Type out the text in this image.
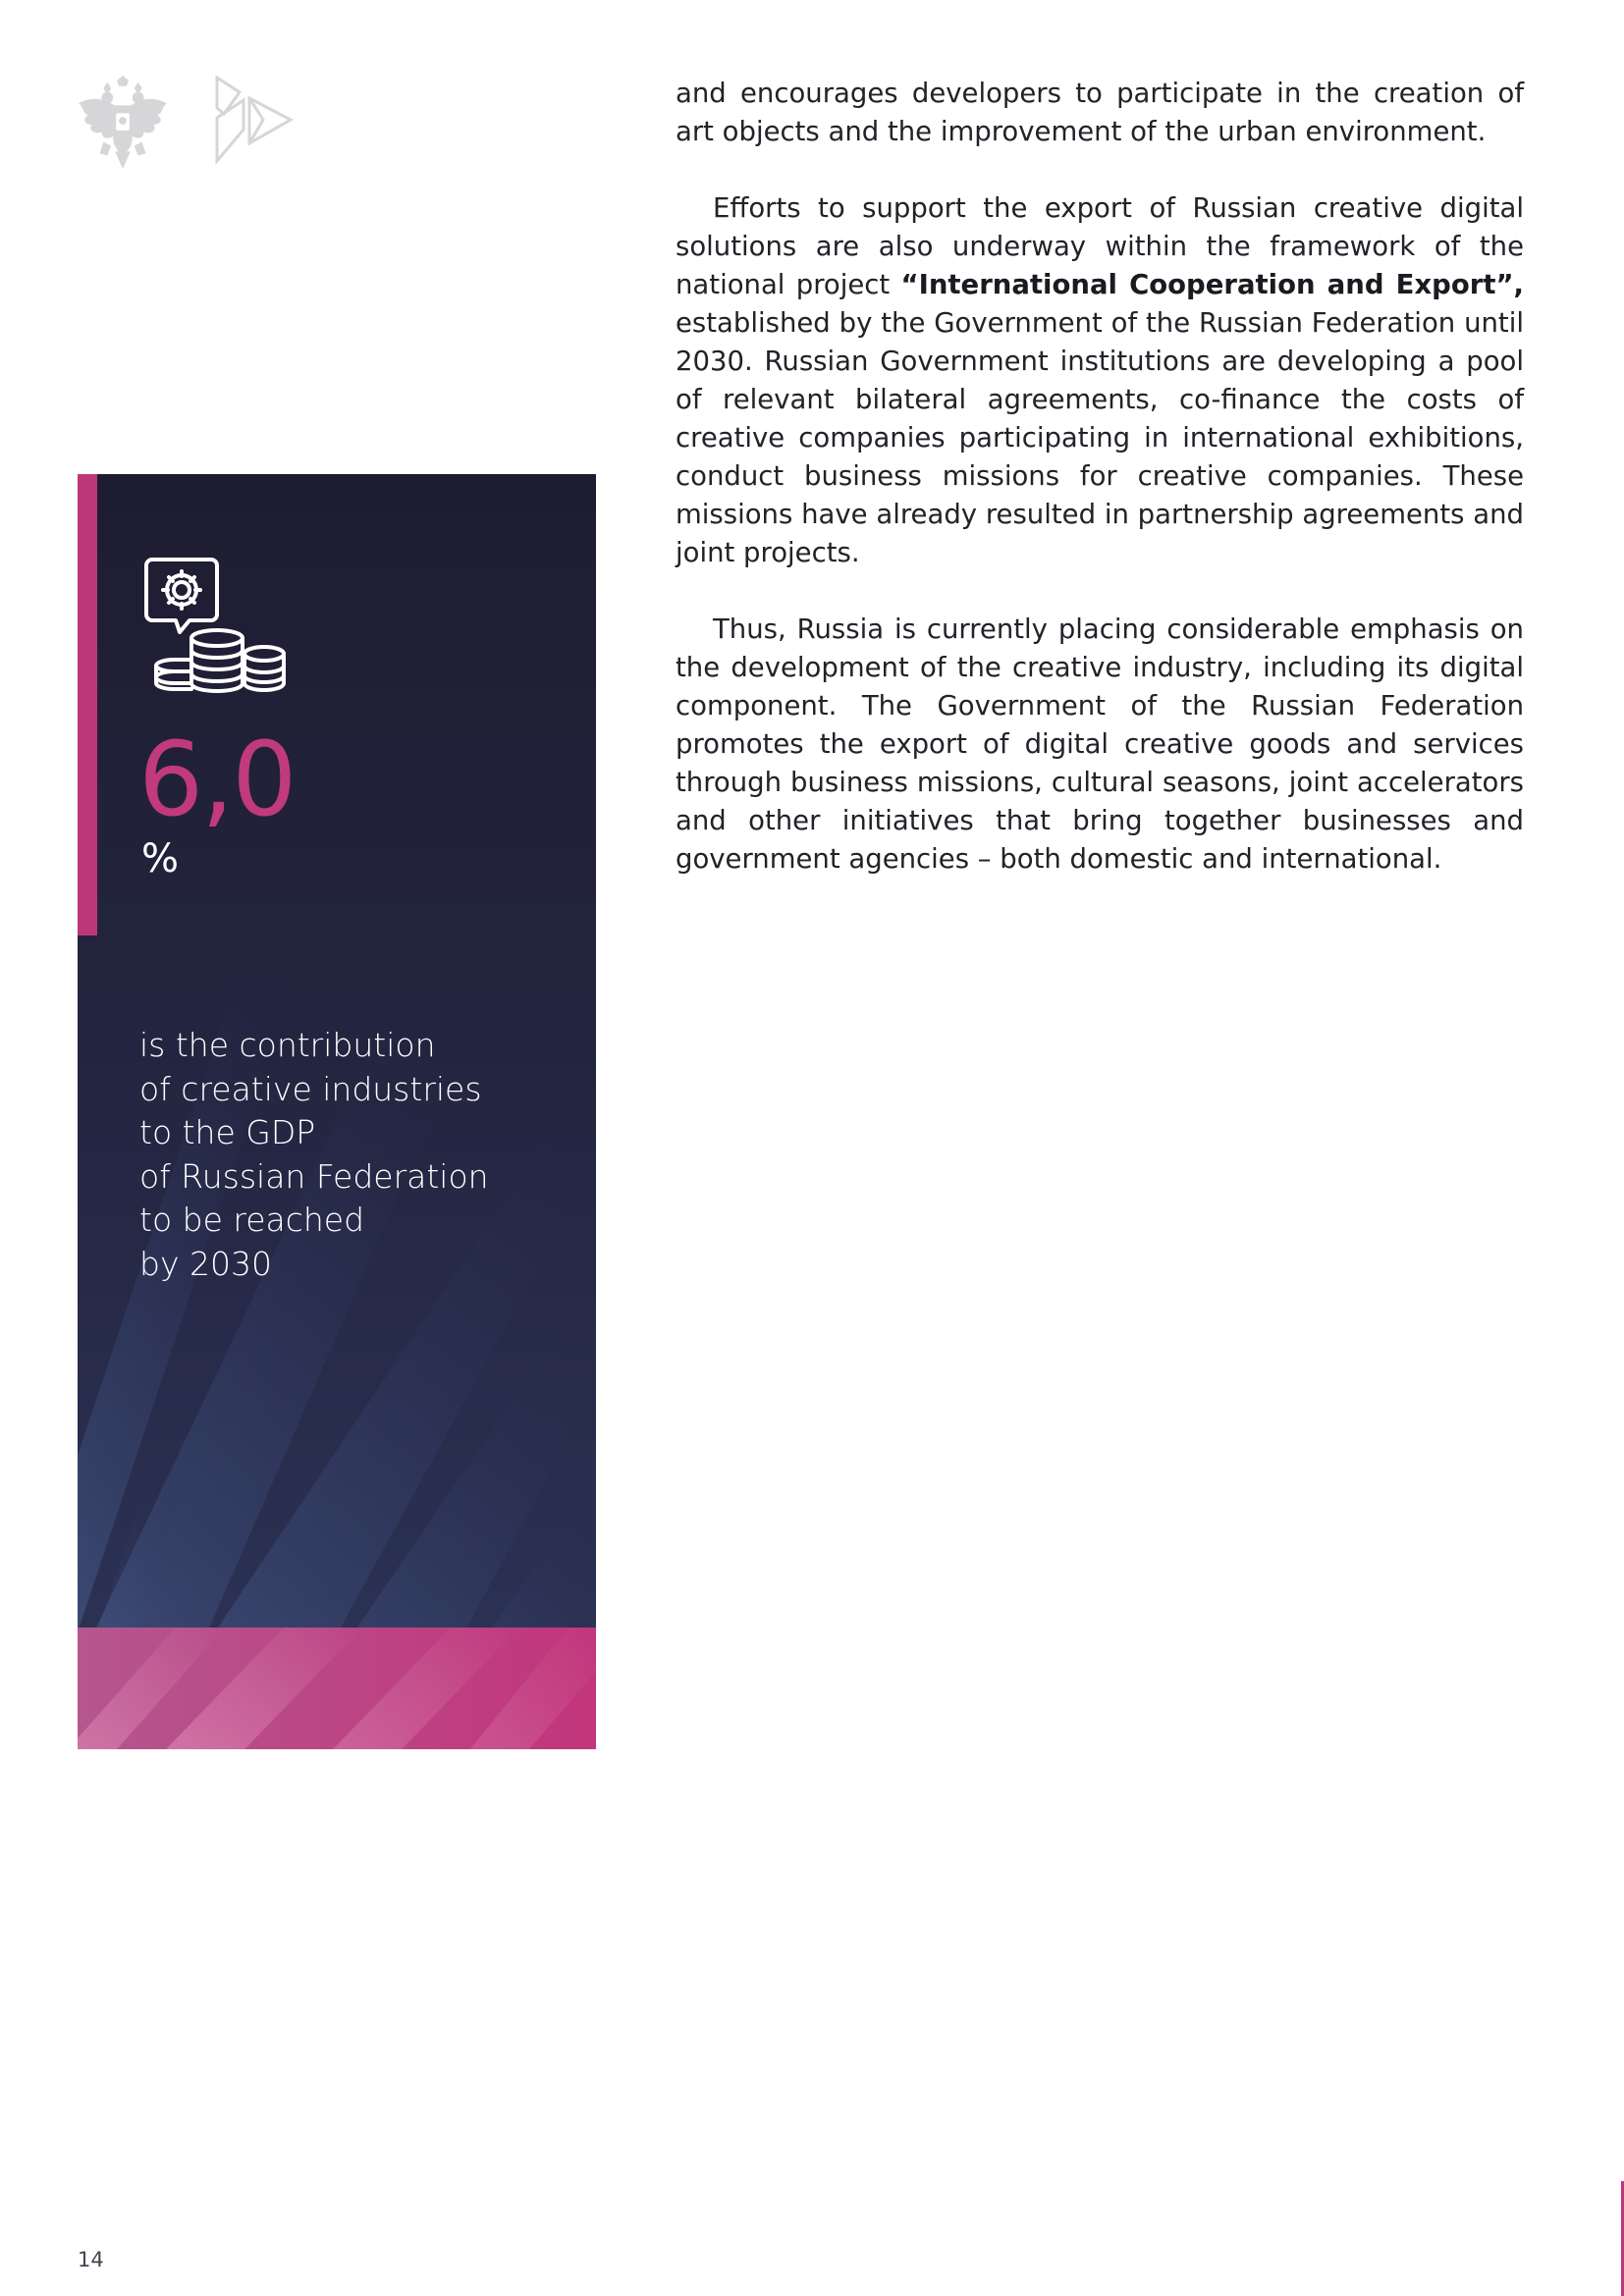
and encourages developers to participate in the creation of art objects and the improvement of the urban environment.

Efforts to support the export of Russian creative digital solutions are also underway within the framework of the national project “International Cooperation and Export”, established by the Government of the Russian Federation until 2030. Russian Government institutions are developing a pool of relevant bilateral agreements, co-finance the costs of creative companies participating in international exhibitions, conduct business missions for creative companies. These missions have already resulted in partnership agreements and joint projects.

Thus, Russia is currently placing considerable emphasis on the development of the creative industry, including its digital component. The Government of the Russian Federation promotes the export of digital creative goods and services through business missions, cultural seasons, joint accelerators and other initiatives that bring together businesses and government agencies – both domestic and international.

6,0
%
is the contribution
of creative industries
to the GDP
of Russian Federation
to be reached
by 2030
14
